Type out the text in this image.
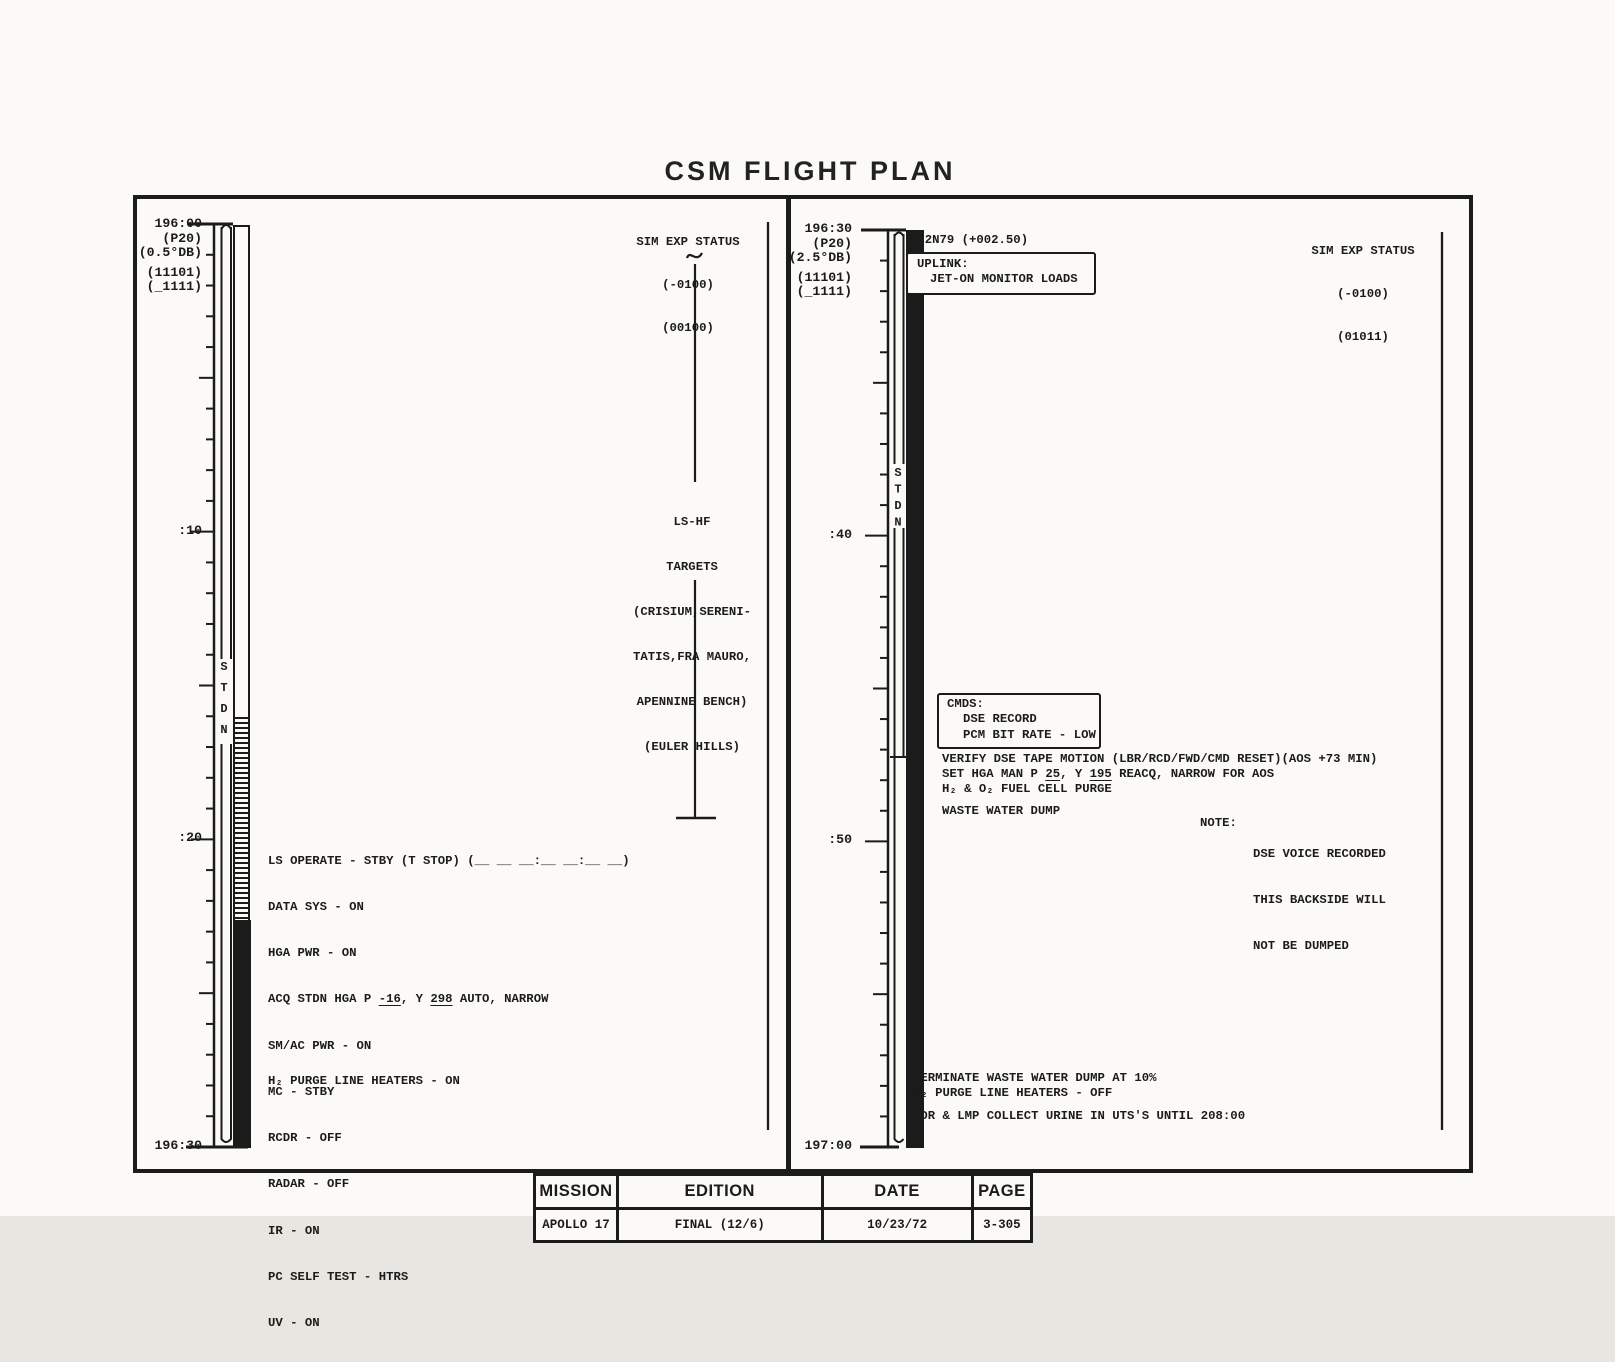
CSM FLIGHT PLAN
196:00
(P20)
(0.5°DB)
(11101)
(_1111)
:10
:20
196:30
STDN

SIM EXP STATUS

(-0100)

(00100)

LS-HF

TARGETS

(CRISIUM,SERENI-

TATIS,FRA MAURO,

APENNINE BENCH)

(EULER HILLS)

LS OPERATE - STBY (T STOP) (__ __ __:__ __:__ __)

DATA SYS - ON

HGA PWR - ON

ACQ STDN HGA P -16, Y 298 AUTO, NARROW

SM/AC PWR - ON

MC - STBY

RCDR - OFF

RADAR - OFF

IR - ON

PC SELF TEST - HTRS

UV - ON

H₂ PURGE LINE HEATERS - ON
196:30
(P20)
(2.5°DB)
(11101)
(_1111)
:40
:50
197:00
STDN

SIM EXP STATUS

(-0100)

(01011)

V22N79 (+002.50)
UPLINK:
JET-ON MONITOR LOADS
CMDS:
DSE RECORD
PCM BIT RATE - LOW
VERIFY DSE TAPE MOTION (LBR/RCD/FWD/CMD RESET)(AOS +73 MIN)
SET HGA MAN P 25, Y 195 REACQ, NARROW FOR AOS
H₂ & O₂ FUEL CELL PURGE
WASTE WATER DUMP
NOTE:

DSE VOICE RECORDED

THIS BACKSIDE WILL

NOT BE DUMPED

TERMINATE WASTE WATER DUMP AT 10%
H₂ PURGE LINE HEATERS - OFF
CDR & LMP COLLECT URINE IN UTS'S UNTIL 208:00
MISSION	EDITION	DATE	PAGE
APOLLO 17	FINAL (12/6)	10/23/72	3-305
